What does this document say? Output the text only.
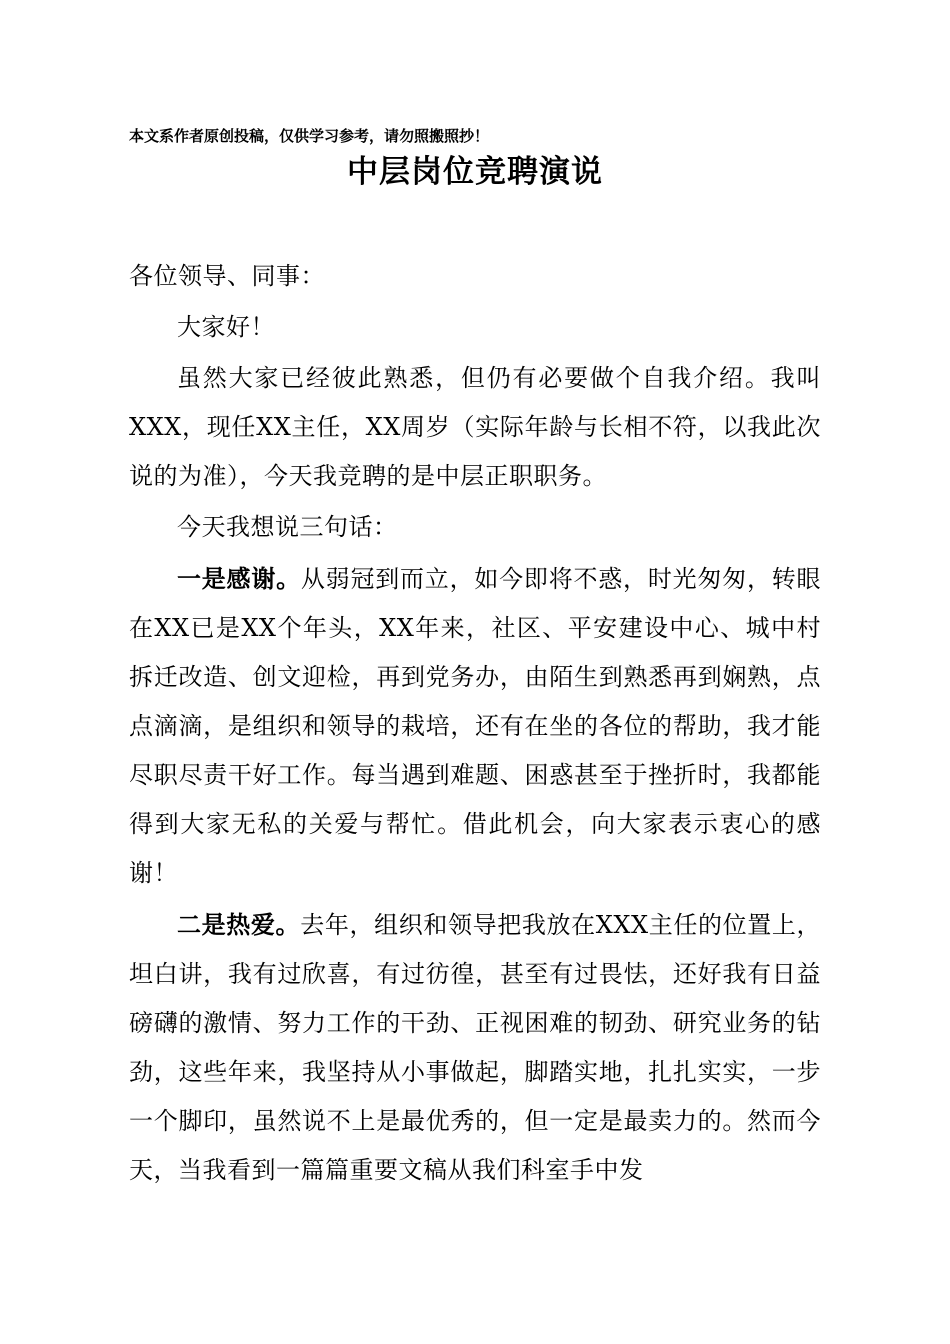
本文系作者原创投稿，仅供学习参考，请勿照搬照抄！
中层岗位竞聘演说

各位领导、同事：

大家好！

虽然大家已经彼此熟悉，但仍有必要做个自我介绍。我叫XXX，现任XX主任，XX周岁（实际年龄与长相不符，以我此次说的为准），今天我竞聘的是中层正职职务。

今天我想说三句话：

一是感谢。从弱冠到而立，如今即将不惑，时光匆匆，转眼在XX已是XX个年头，XX年来，社区、平安建设中心、城中村拆迁改造、创文迎检，再到党务办，由陌生到熟悉再到娴熟，点点滴滴，是组织和领导的栽培，还有在坐的各位的帮助，我才能尽职尽责干好工作。每当遇到难题、困惑甚至于挫折时，我都能得到大家无私的关爱与帮忙。借此机会，向大家表示衷心的感谢！

二是热爱。去年，组织和领导把我放在XXX主任的位置上，坦白讲，我有过欣喜，有过彷徨，甚至有过畏怯，还好我有日益磅礴的激情、努力工作的干劲、正视困难的韧劲、研究业务的钻劲，这些年来，我坚持从小事做起，脚踏实地，扎扎实实，一步一个脚印，虽然说不上是最优秀的，但一定是最卖力的。然而今天，当我看到一篇篇重要文稿从我们科室手中发
